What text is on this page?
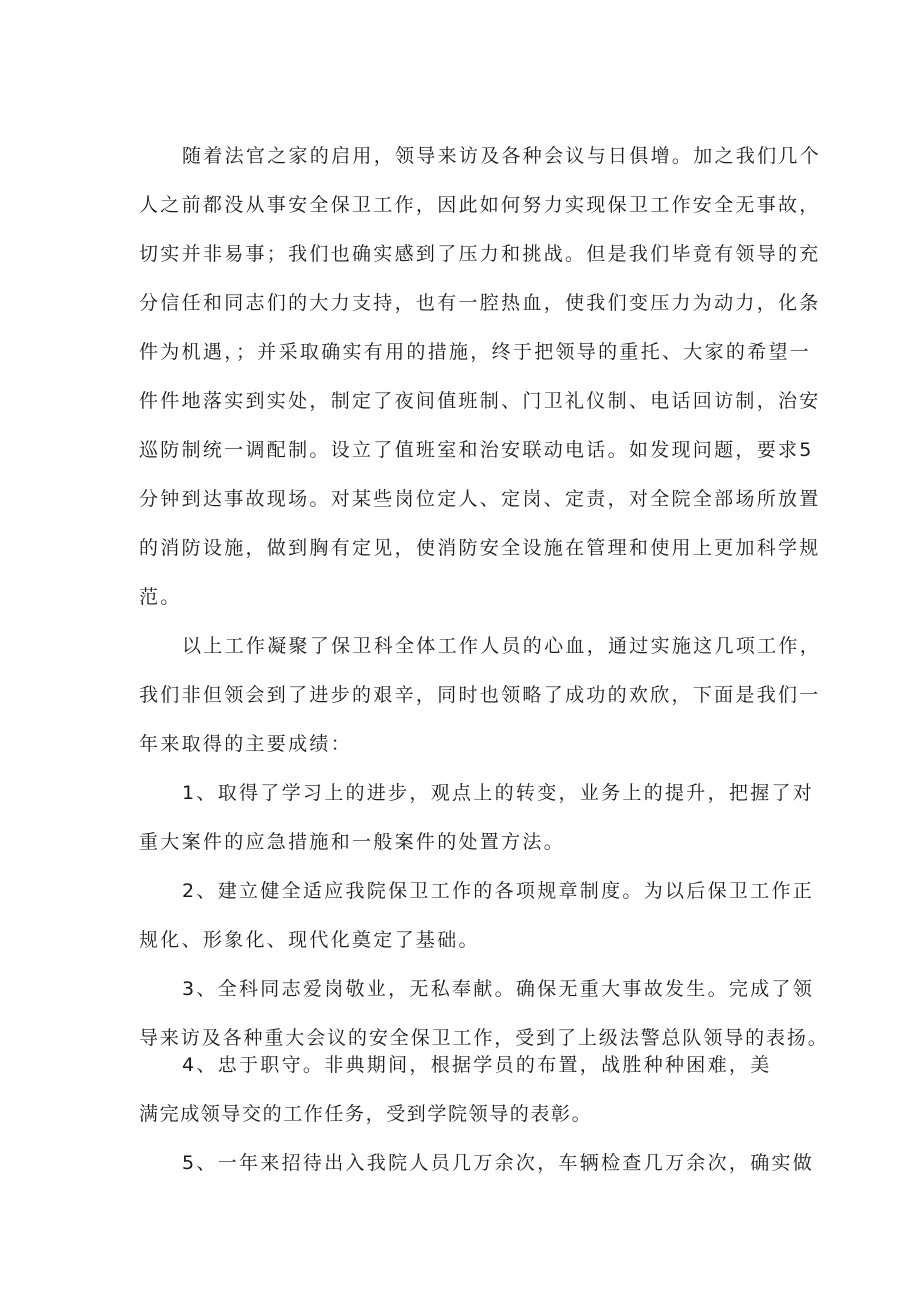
随着法官之家的启用，领导来访及各种会议与日俱增。加之我们几个
人之前都没从事安全保卫工作，因此如何努力实现保卫工作安全无事故，
切实并非易事；我们也确实感到了压力和挑战。但是我们毕竟有领导的充
分信任和同志们的大力支持，也有一腔热血，使我们变压力为动力，化条
件为机遇，；并采取确实有用的措施，终于把领导的重托、大家的希望一
件件地落实到实处，制定了夜间值班制、门卫礼仪制、电话回访制，治安
巡防制统一调配制。设立了值班室和治安联动电话。如发现问题，要求5
分钟到达事故现场。对某些岗位定人、定岗、定责，对全院全部场所放置
的消防设施，做到胸有定见，使消防安全设施在管理和使用上更加科学规
范。
以上工作凝聚了保卫科全体工作人员的心血，通过实施这几项工作，
我们非但领会到了进步的艰辛，同时也领略了成功的欢欣，下面是我们一
年来取得的主要成绩：
1、取得了学习上的进步，观点上的转变，业务上的提升，把握了对
重大案件的应急措施和一般案件的处置方法。
2、建立健全适应我院保卫工作的各项规章制度。为以后保卫工作正
规化、形象化、现代化奠定了基础。
3、全科同志爱岗敬业，无私奉献。确保无重大事故发生。完成了领
导来访及各种重大会议的安全保卫工作，受到了上级法警总队领导的表扬。
4、忠于职守。非典期间，根据学员的布置，战胜种种困难，美
满完成领导交的工作任务，受到学院领导的表彰。
5、一年来招待出入我院人员几万余次，车辆检查几万余次，确实做
